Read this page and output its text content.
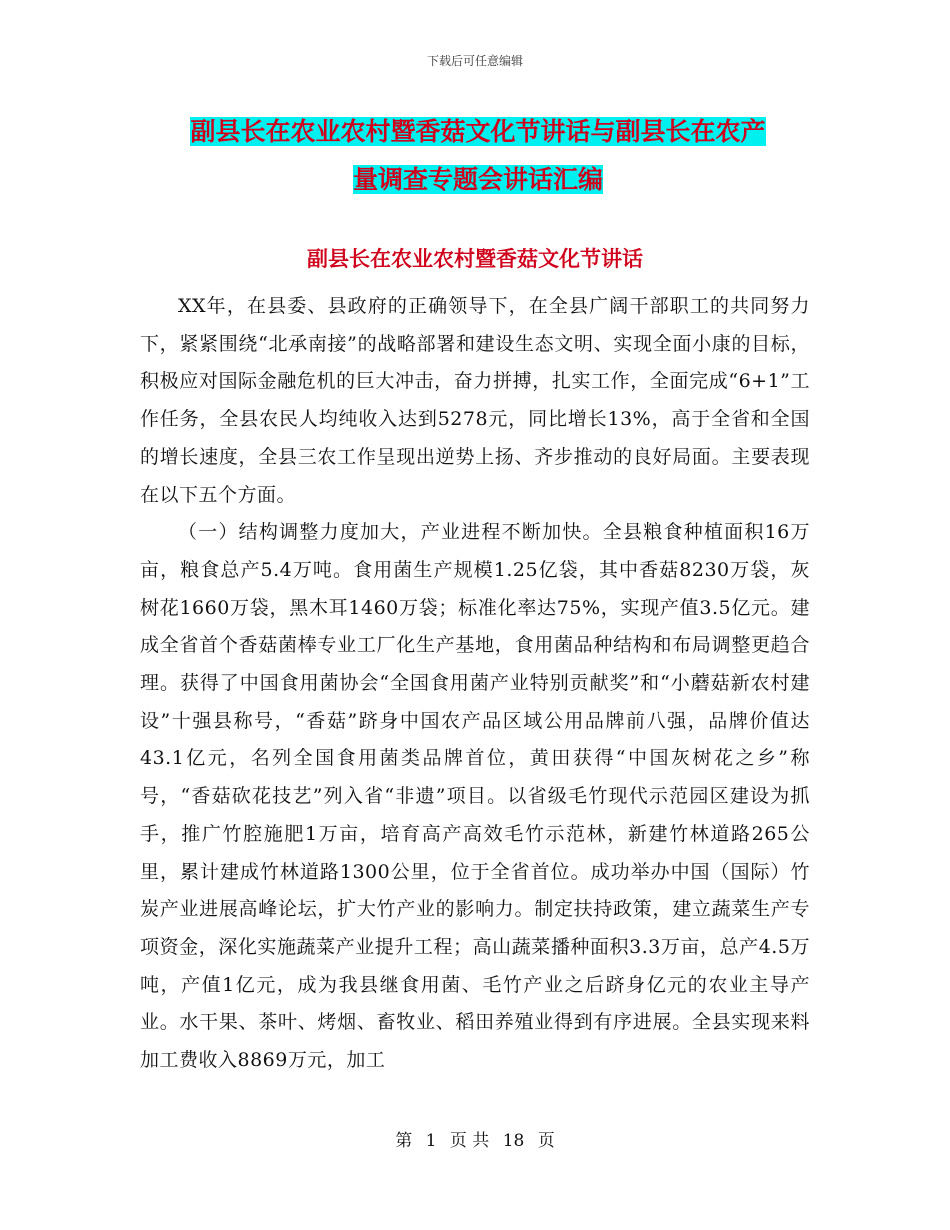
下载后可任意编辑
副县长在农业农村暨香菇文化节讲话与副县长在农产
量调查专题会讲话汇编
副县长在农业农村暨香菇文化节讲话

XX年，在县委、县政府的正确领导下，在全县广阔干部职工的共同努力下，紧紧围绕“北承南接”的战略部署和建设生态文明、实现全面小康的目标，积极应对国际金融危机的巨大冲击，奋力拼搏，扎实工作，全面完成“6+1”工作任务，全县农民人均纯收入达到5278元，同比增长13%，高于全省和全国的增长速度，全县三农工作呈现出逆势上扬、齐步推动的良好局面。主要表现在以下五个方面。

（一）结构调整力度加大，产业进程不断加快。全县粮食种植面积16万亩，粮食总产5.4万吨。食用菌生产规模1.25亿袋，其中香菇8230万袋，灰树花1660万袋，黑木耳1460万袋；标准化率达75%，实现产值3.5亿元。建成全省首个香菇菌棒专业工厂化生产基地，食用菌品种结构和布局调整更趋合理。获得了中国食用菌协会“全国食用菌产业特别贡献奖”和“小蘑菇新农村建设”十强县称号，“香菇”跻身中国农产品区域公用品牌前八强，品牌价值达43.1亿元，名列全国食用菌类品牌首位，黄田获得“中国灰树花之乡”称号，“香菇砍花技艺”列入省“非遗”项目。以省级毛竹现代示范园区建设为抓手，推广竹腔施肥1万亩，培育高产高效毛竹示范林，新建竹林道路265公里，累计建成竹林道路1300公里，位于全省首位。成功举办中国（国际）竹炭产业进展高峰论坛，扩大竹产业的影响力。制定扶持政策，建立蔬菜生产专项资金，深化实施蔬菜产业提升工程；高山蔬菜播种面积3.3万亩，总产4.5万吨，产值1亿元，成为我县继食用菌、毛竹产业之后跻身亿元的农业主导产业。水干果、茶叶、烤烟、畜牧业、稻田养殖业得到有序进展。全县实现来料加工费收入8869万元，加工

第 1 页 共 18 页
